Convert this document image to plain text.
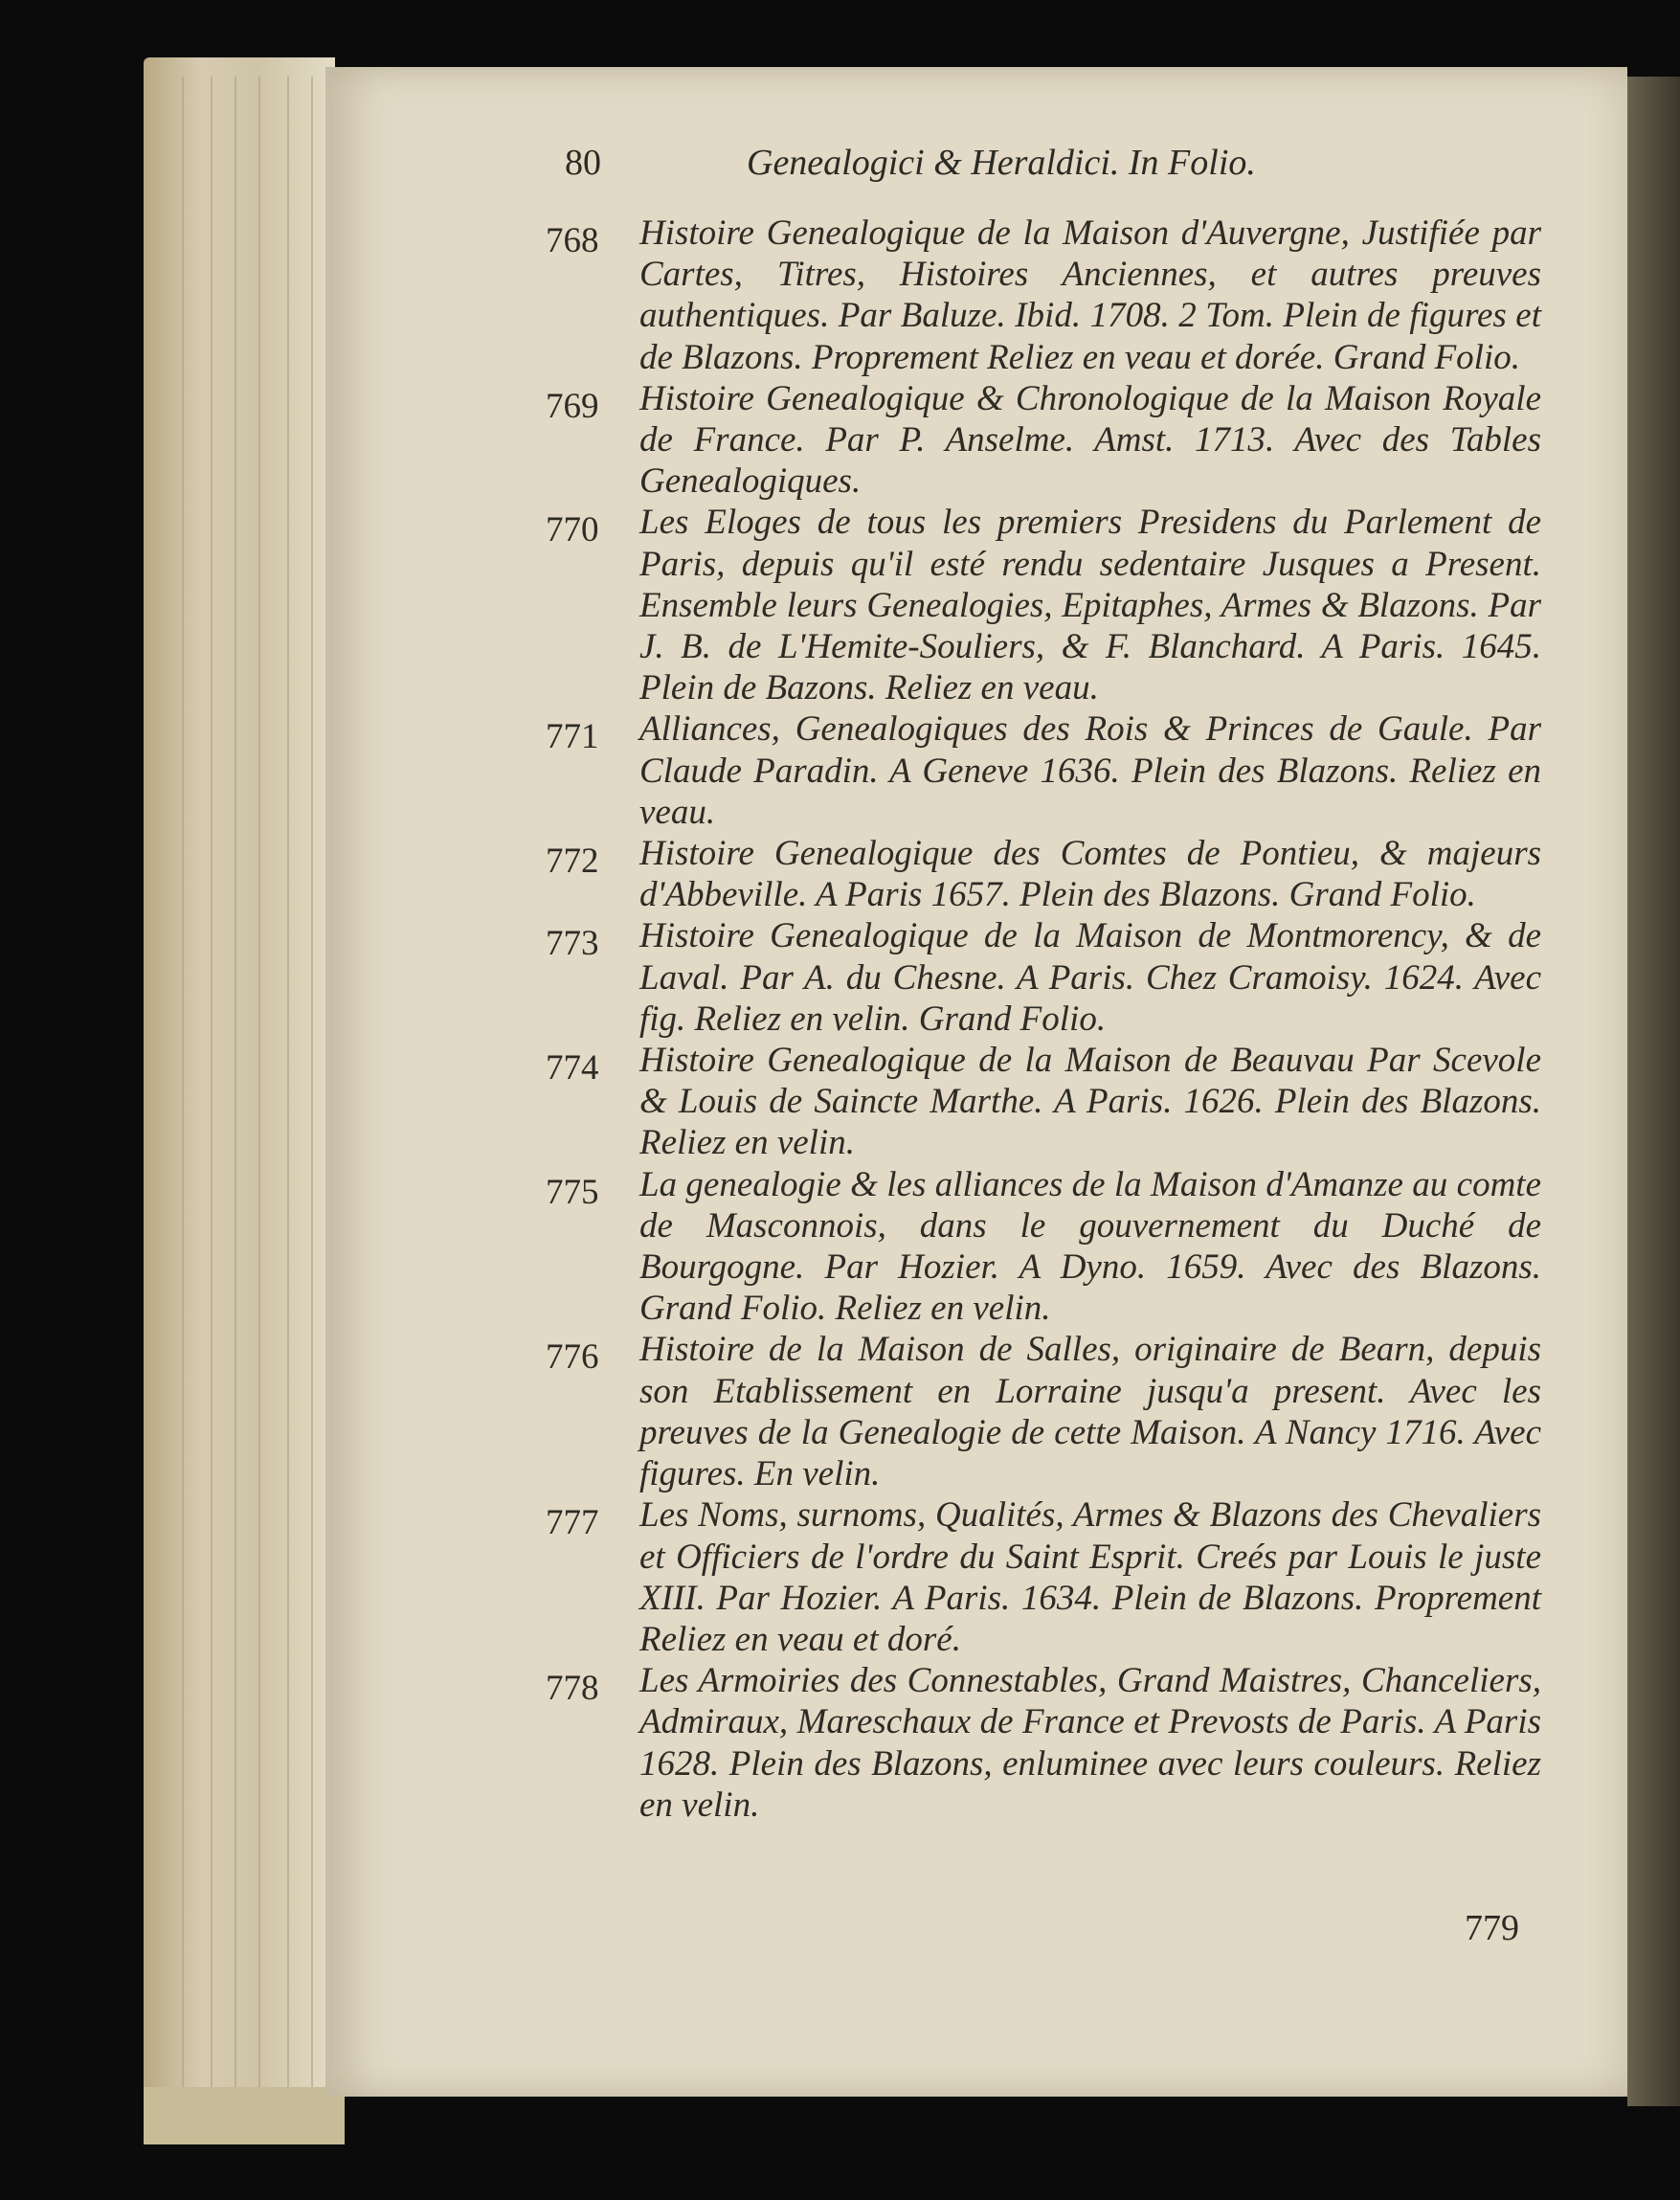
80	Genealogici & Heraldici. In Folio.
768 Histoire Genealogique de la Maison d'Auvergne, Justifiée par Cartes, Titres, Histoires Anciennes, et autres preuves authentiques. Par Baluze. Ibid. 1708. 2 Tom. Plein de figures et de Blazons. Proprement Reliez en veau et dorée. Grand Folio.
769 Histoire Genealogique & Chronologique de la Maison Royale de France. Par P. Anselme. Amst. 1713. Avec des Tables Genealogiques.
770 Les Eloges de tous les premiers Presidens du Parlement de Paris, depuis qu'il esté rendu sedentaire Jusques a Present. Ensemble leurs Genealogies, Epitaphes, Armes & Blazons. Par J. B. de L'Hemite-Souliers, & F. Blanchard. A Paris. 1645. Plein de Bazons. Reliez en veau.
771 Alliances, Genealogiques des Rois & Princes de Gaule. Par Claude Paradin. A Geneve 1636. Plein des Blazons. Reliez en veau.
772 Histoire Genealogique des Comtes de Pontieu, & majeurs d'Abbeville. A Paris 1657. Plein des Blazons. Grand Folio.
773 Histoire Genealogique de la Maison de Montmorency, & de Laval. Par A. du Chesne. A Paris. Chez Cramoisy. 1624. Avec fig. Reliez en velin. Grand Folio.
774 Histoire Genealogique de la Maison de Beauvau Par Scevole & Louis de Saincte Marthe. A Paris. 1626. Plein des Blazons. Reliez en velin.
775 La genealogie & les alliances de la Maison d'Amanze au comte de Masconnois, dans le gouvernement du Duché de Bourgogne. Par Hozier. A Dyno. 1659. Avec des Blazons. Grand Folio. Reliez en velin.
776 Histoire de la Maison de Salles, originaire de Bearn, depuis son Etablissement en Lorraine jusqu'a present. Avec les preuves de la Genealogie de cette Maison. A Nancy 1716. Avec figures. En velin.
777 Les Noms, surnoms, Qualités, Armes & Blazons des Chevaliers et Officiers de l'ordre du Saint Esprit. Creés par Louis le juste XIII. Par Hozier. A Paris. 1634. Plein de Blazons. Proprement Reliez en veau et doré.
778 Les Armoiries des Connestables, Grand Maistres, Chanceliers, Admiraux, Mareschaux de France et Prevosts de Paris. A Paris 1628. Plein des Blazons, enluminee avec leurs couleurs. Reliez en velin.
779
